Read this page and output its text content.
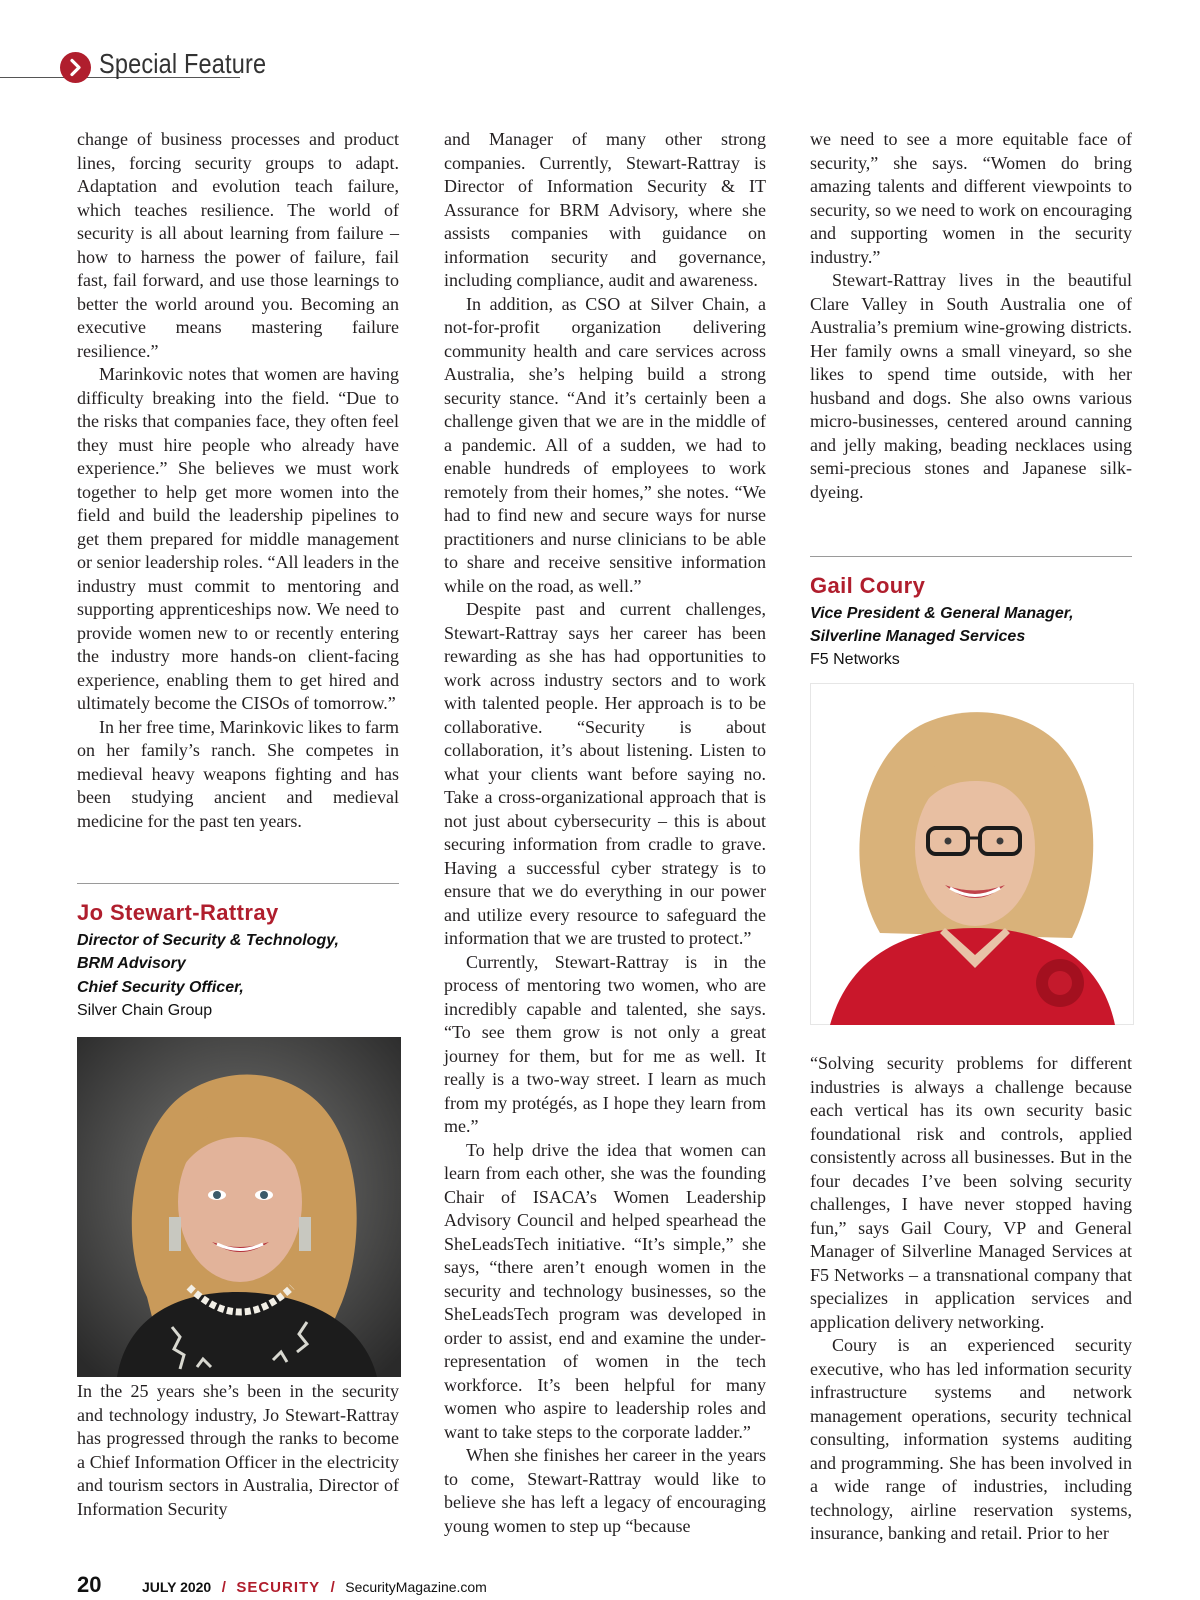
Special Feature

change of business processes and product lines, forcing security groups to adapt. Adaptation and evolution teach failure, which teaches resilience. The world of security is all about learning from failure – how to harness the power of failure, fail fast, fail forward, and use those learnings to better the world around you. Becoming an executive means mastering failure resilience.”

Marinkovic notes that women are having difficulty breaking into the field. “Due to the risks that companies face, they often feel they must hire people who already have experience.” She believes we must work together to help get more women into the field and build the leadership pipelines to get them prepared for middle management or senior leadership roles. “All leaders in the industry must commit to mentoring and supporting apprenticeships now. We need to provide women new to or recently entering the industry more hands-on client-facing experience, enabling them to get hired and ultimately become the CISOs of tomorrow.”

In her free time, Marinkovic likes to farm on her family’s ranch. She competes in medieval heavy weapons fighting and has been studying ancient and medieval medicine for the past ten years.

Jo Stewart-Rattray
Director of Security & Technology,
BRM Advisory
Chief Security Officer,
Silver Chain Group

In the 25 years she’s been in the security and technology industry, Jo Stewart-Rattray has progressed through the ranks to become a Chief Information Officer in the electricity and tourism sectors in Australia, Director of Information Security

and Manager of many other strong companies. Currently, Stewart-Rattray is Director of Information Security & IT Assurance for BRM Advisory, where she assists companies with guidance on information security and governance, including compliance, audit and awareness.

In addition, as CSO at Silver Chain, a not-for-profit organization delivering community health and care services across Australia, she’s helping build a strong security stance. “And it’s certainly been a challenge given that we are in the middle of a pandemic. All of a sudden, we had to enable hundreds of employees to work remotely from their homes,” she notes. “We had to find new and secure ways for nurse practitioners and nurse clinicians to be able to share and receive sensitive information while on the road, as well.”

Despite past and current challenges, Stewart-Rattray says her career has been rewarding as she has had opportunities to work across industry sectors and to work with talented people. Her approach is to be collaborative. “Security is about collaboration, it’s about listening. Listen to what your clients want before saying no. Take a cross-organizational approach that is not just about cybersecurity – this is about securing information from cradle to grave. Having a successful cyber strategy is to ensure that we do everything in our power and utilize every resource to safeguard the information that we are trusted to protect.”

Currently, Stewart-Rattray is in the process of mentoring two women, who are incredibly capable and talented, she says. “To see them grow is not only a great journey for them, but for me as well. It really is a two-way street. I learn as much from my protégés, as I hope they learn from me.”

To help drive the idea that women can learn from each other, she was the founding Chair of ISACA’s Women Leadership Advisory Council and helped spearhead the SheLeadsTech initiative. “It’s simple,” she says, “there aren’t enough women in the security and technology businesses, so the SheLeadsTech program was developed in order to assist, end and examine the under-representation of women in the tech workforce. It’s been helpful for many women who aspire to leadership roles and want to take steps to the corporate ladder.”

When she finishes her career in the years to come, Stewart-Rattray would like to believe she has left a legacy of encouraging young women to step up “because

we need to see a more equitable face of security,” she says. “Women do bring amazing talents and different viewpoints to security, so we need to work on encouraging and supporting women in the security industry.”

Stewart-Rattray lives in the beautiful Clare Valley in South Australia one of Australia’s premium wine-growing districts. Her family owns a small vineyard, so she likes to spend time outside, with her husband and dogs. She also owns various micro-businesses, centered around canning and jelly making, beading necklaces using semi-precious stones and Japanese silk-dyeing.

Gail Coury
Vice President & General Manager,
Silverline Managed Services
F5 Networks

“Solving security problems for different industries is always a challenge because each vertical has its own security basic foundational risk and controls, applied consistently across all businesses. But in the four decades I’ve been solving security challenges, I have never stopped having fun,” says Gail Coury, VP and General Manager of Silverline Managed Services at F5 Networks – a transnational company that specializes in application services and application delivery networking.

Coury is an experienced security executive, who has led information security infrastructure systems and network management operations, security technical consulting, information systems auditing and programming. She has been involved in a wide range of industries, including technology, airline reservation systems, insurance, banking and retail. Prior to her

20	JULY 2020 / SECURITY / SecurityMagazine.com
